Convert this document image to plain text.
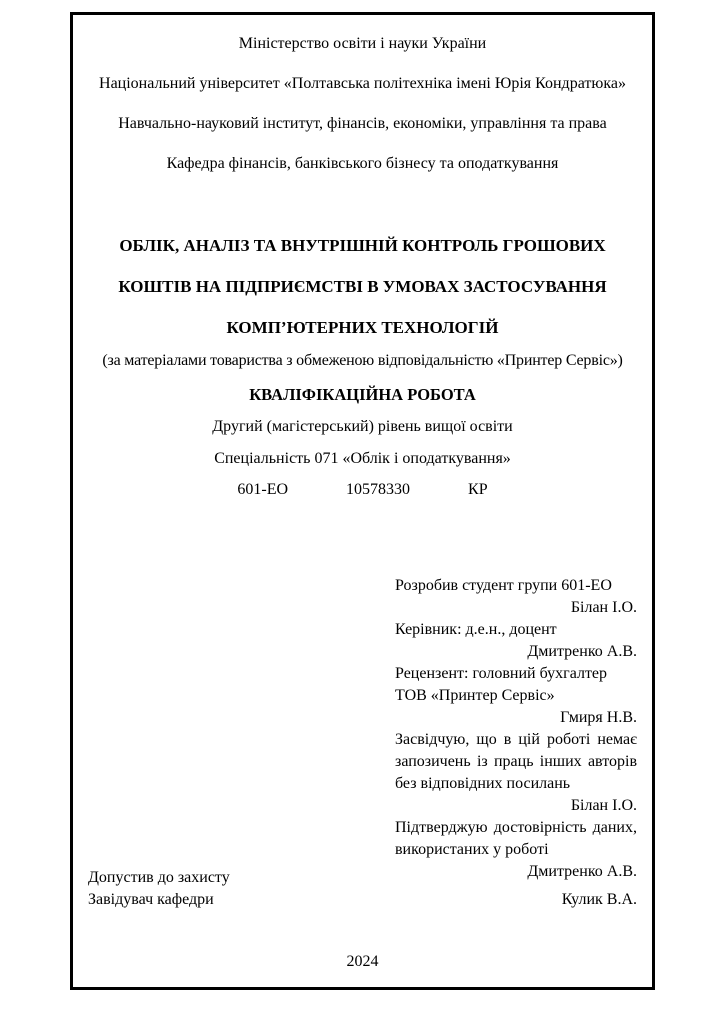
Міністерство освіти і науки України

Національний університет «Полтавська політехніка імені Юрія Кондратюка»

Навчально-науковий інститут, фінансів, економіки, управління та права

Кафедра фінансів, банківського бізнесу та оподаткування

ОБЛІК, АНАЛІЗ ТА ВНУТРІШНІЙ КОНТРОЛЬ ГРОШОВИХ КОШТІВ НА ПІДПРИЄМСТВІ В УМОВАХ ЗАСТОСУВАННЯ КОМП’ЮТЕРНИХ ТЕХНОЛОГІЙ

(за матеріалами товариства з обмеженою відповідальністю «Принтер Сервіс»)

КВАЛІФІКАЦІЙНА РОБОТА

Другий (магістерський) рівень вищої освіти

Спеціальність 071 «Облік і оподаткування»

601-ЕО	10578330	КР
Розробив студент групи 601-ЕО
Білан І.О.
Керівник: д.е.н., доцент
Дмитренко А.В.
Рецензент: головний бухгалтер ТОВ «Принтер Сервіс»
Гмиря Н.В.
Засвідчую, що в цій роботі немає запозичень із праць інших авторів без відповідних посилань
Білан І.О.
Підтверджую достовірність даних, використаних у роботі
Дмитренко А.В.
Допустив до захисту
Завідувач кафедри	Кулик В.А.
2024
